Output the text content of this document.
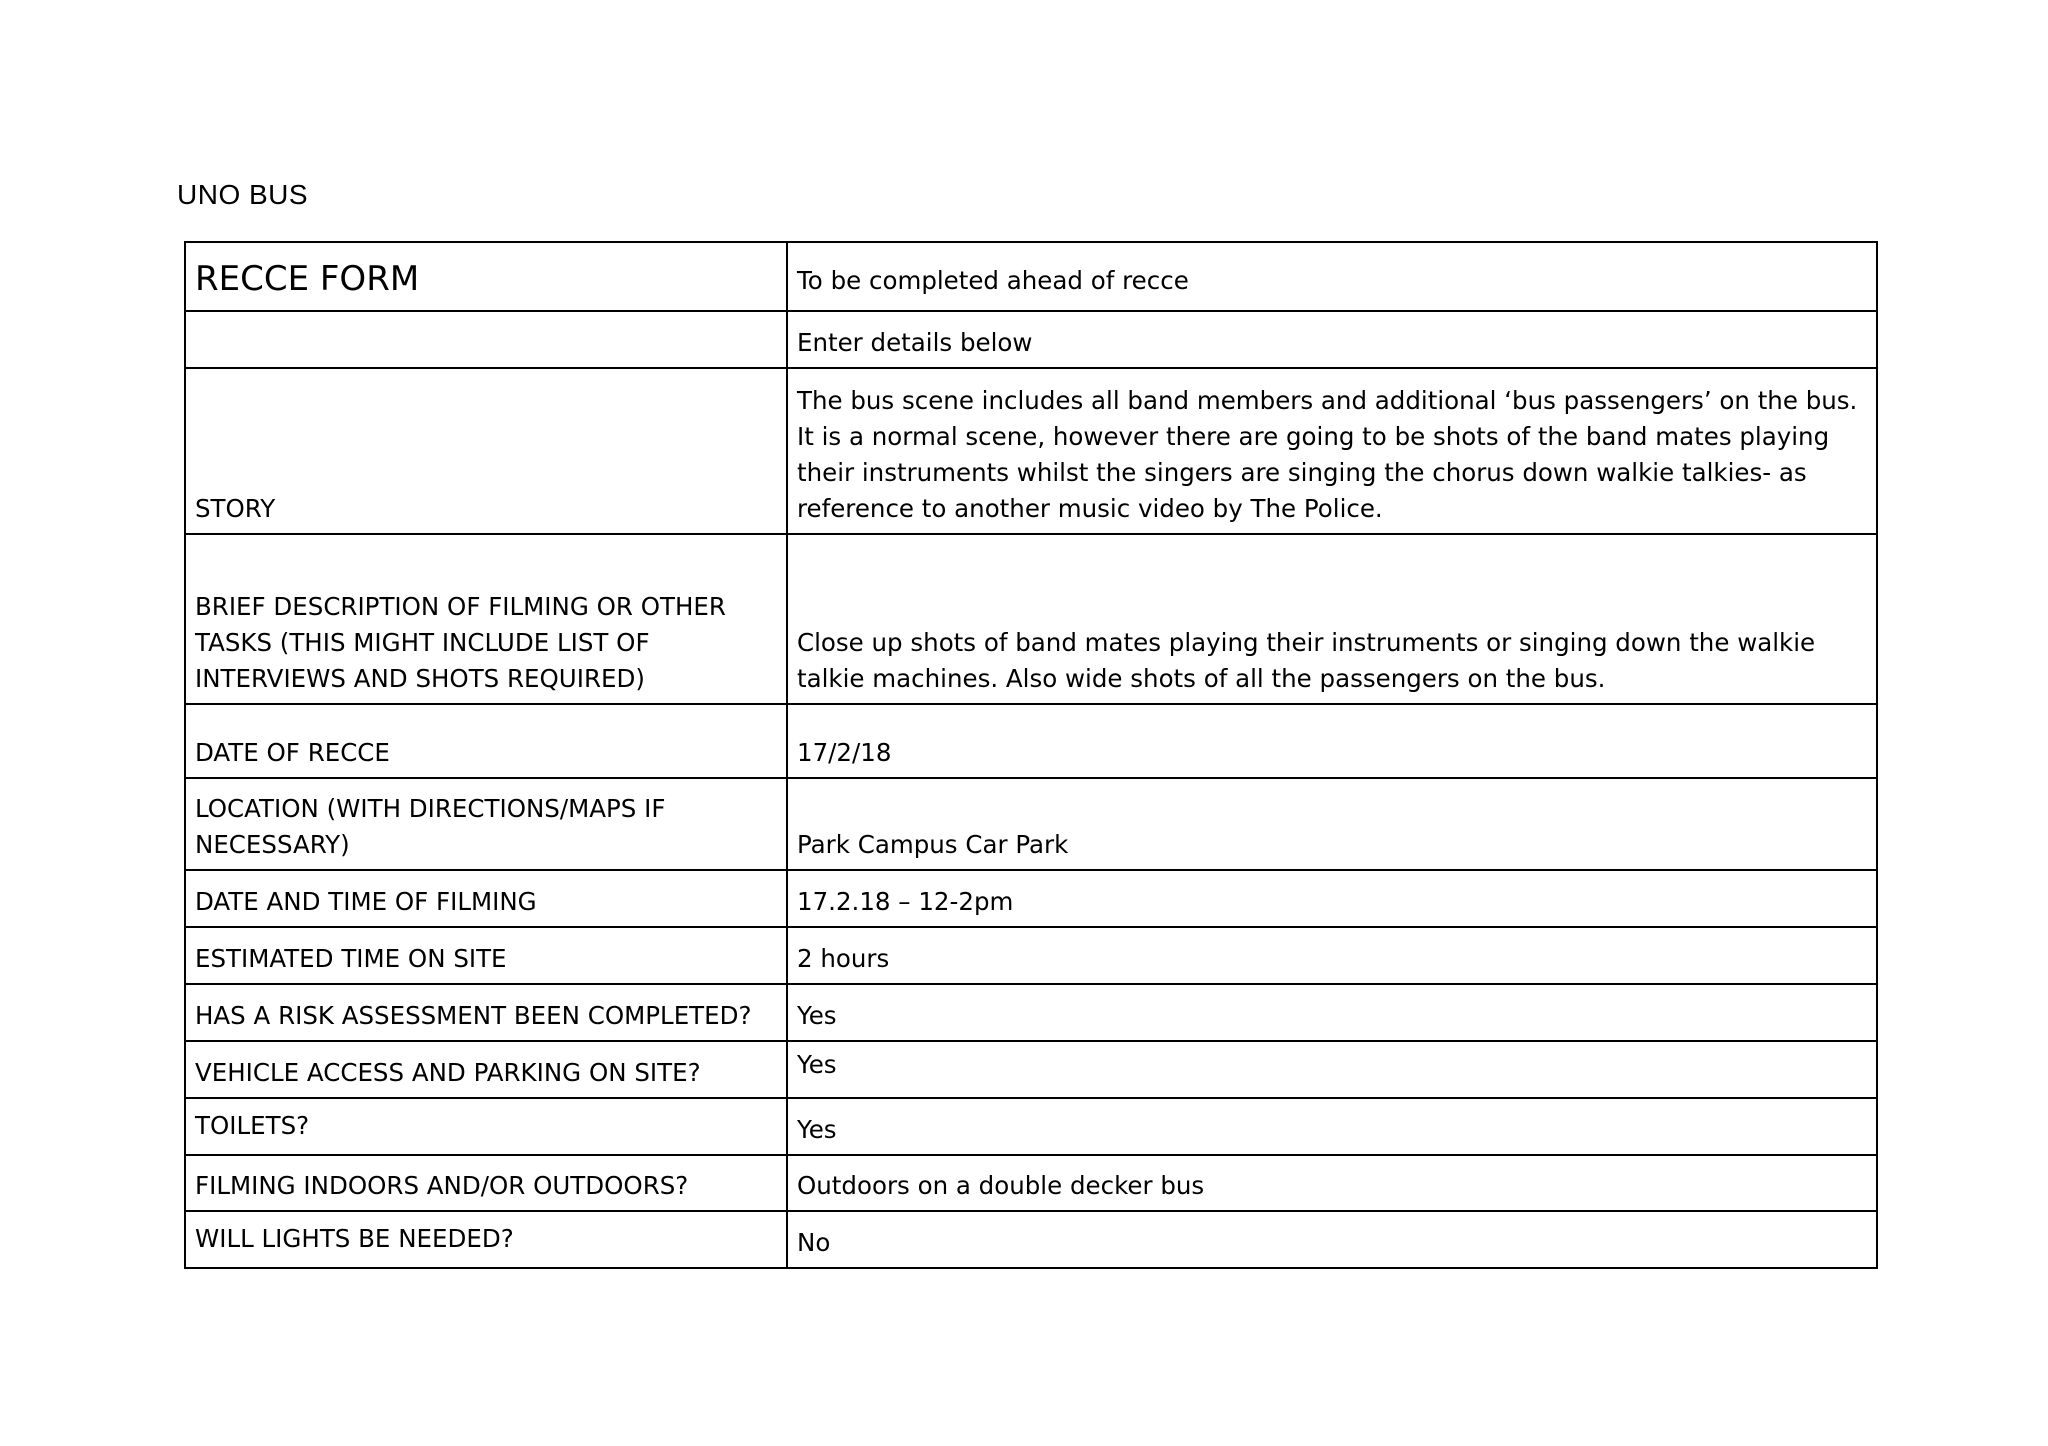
UNO BUS
RECCE FORM	To be completed ahead of recce
	Enter details below
STORY	The bus scene includes all band members and additional ‘bus passengers’ on the bus. It is a normal scene, however there are going to be shots of the band mates playing their instruments whilst the singers are singing the chorus down walkie talkies- as reference to another music video by The Police.
BRIEF DESCRIPTION OF FILMING OR OTHER TASKS (THIS MIGHT INCLUDE LIST OF INTERVIEWS AND SHOTS REQUIRED)	Close up shots of band mates playing their instruments or singing down the walkie talkie machines. Also wide shots of all the passengers on the bus.
DATE OF RECCE	17/2/18
LOCATION (WITH DIRECTIONS/MAPS IF NECESSARY)	Park Campus Car Park
DATE AND TIME OF FILMING	17.2.18 – 12-2pm
ESTIMATED TIME ON SITE	2 hours
HAS A RISK ASSESSMENT BEEN COMPLETED?	Yes
VEHICLE ACCESS AND PARKING ON SITE?	Yes
TOILETS?	Yes
FILMING INDOORS AND/OR OUTDOORS?	Outdoors on a double decker bus
WILL LIGHTS BE NEEDED?	No
